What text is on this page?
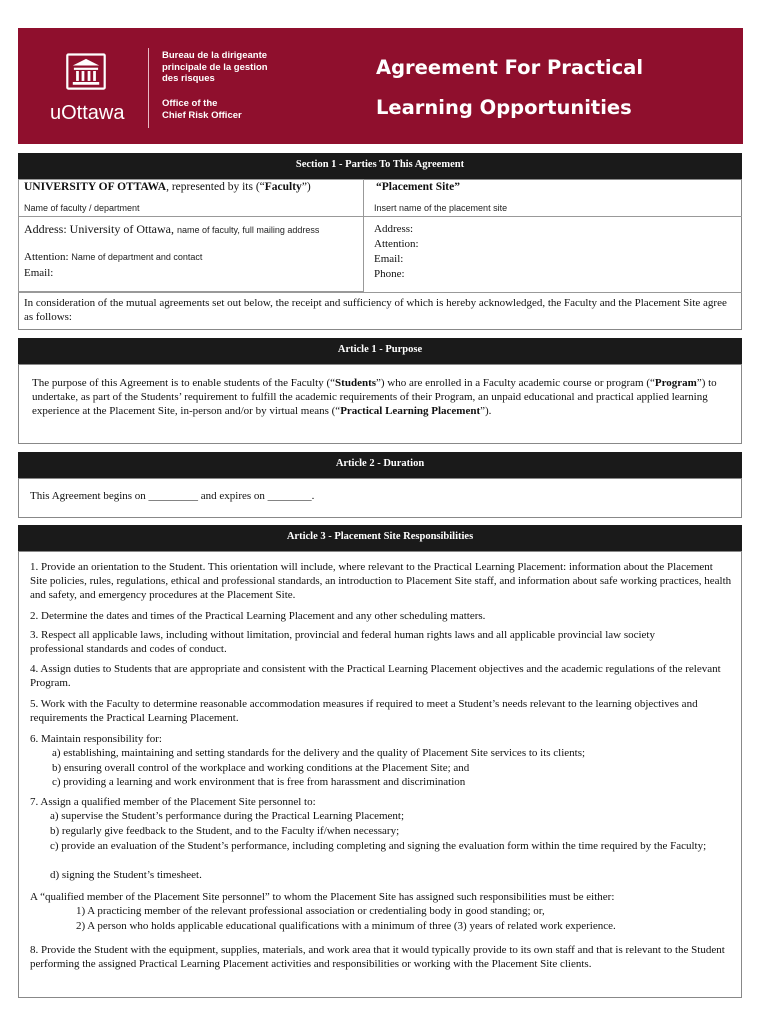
uOttawa
Bureau de la dirigeante
principale de la gestion
des risques
Office of the
Chief Risk Officer
Agreement For Practical
Learning Opportunities
Section 1 - Parties To This Agreement
UNIVERSITY OF OTTAWA, represented by its (“Faculty”)
Name of faculty / department
Address: University of Ottawa, name of faculty, full mailing address
Attention: Name of department and contact
Email:
“Placement Site”
Insert name of the placement site
Address:
Attention:
Email:
Phone:
In consideration of the mutual agreements set out below, the receipt and sufficiency of which is hereby acknowledged, the Faculty and the Placement Site agree as follows:
Article 1 - Purpose
The purpose of this Agreement is to enable students of the Faculty (“Students”) who are enrolled in a Faculty academic course or program (“Program”) to undertake, as part of the Students’ requirement to fulfill the academic requirements of their Program, an unpaid educational and practical applied learning experience at the Placement Site, in-person and/or by virtual means (“Practical Learning Placement”).
Article 2 - Duration
This Agreement begins on _________ and expires on ________.
Article 3 - Placement Site Responsibilities
1. Provide an orientation to the Student. This orientation will include, where relevant to the Practical Learning Placement: information about the Placement Site policies, rules, regulations, ethical and professional standards, an introduction to Placement Site staff, and information about safe working practices, health and safety, and emergency procedures at the Placement Site.
2. Determine the dates and times of the Practical Learning Placement and any other scheduling matters.
3. Respect all applicable laws, including without limitation, provincial and federal human rights laws and all applicable provincial law society professional standards and codes of conduct.
4. Assign duties to Students that are appropriate and consistent with the Practical Learning Placement objectives and the academic regulations of the relevant Program.
5. Work with the Faculty to determine reasonable accommodation measures if required to meet a Student’s needs relevant to the learning objectives and requirements the Practical Learning Placement.
6. Maintain responsibility for:
a) establishing, maintaining and setting standards for the delivery and the quality of Placement Site services to its clients;
b) ensuring overall control of the workplace and working conditions at the Placement Site; and
c) providing a learning and work environment that is free from harassment and discrimination
7. Assign a qualified member of the Placement Site personnel to:
a) supervise the Student’s performance during the Practical Learning Placement;
b) regularly give feedback to the Student, and to the Faculty if/when necessary;
c) provide an evaluation of the Student’s performance, including completing and signing the evaluation form within the time required by the Faculty;
d) signing the Student’s timesheet.
A “qualified member of the Placement Site personnel” to whom the Placement Site has assigned such responsibilities must be either:
1) A practicing member of the relevant professional association or credentialing body in good standing; or,
2) A person who holds applicable educational qualifications with a minimum of three (3) years of related work experience.
8. Provide the Student with the equipment, supplies, materials, and work area that it would typically provide to its own staff and that is relevant to the Student performing the assigned Practical Learning Placement activities and responsibilities or working with the Placement Site clients.
